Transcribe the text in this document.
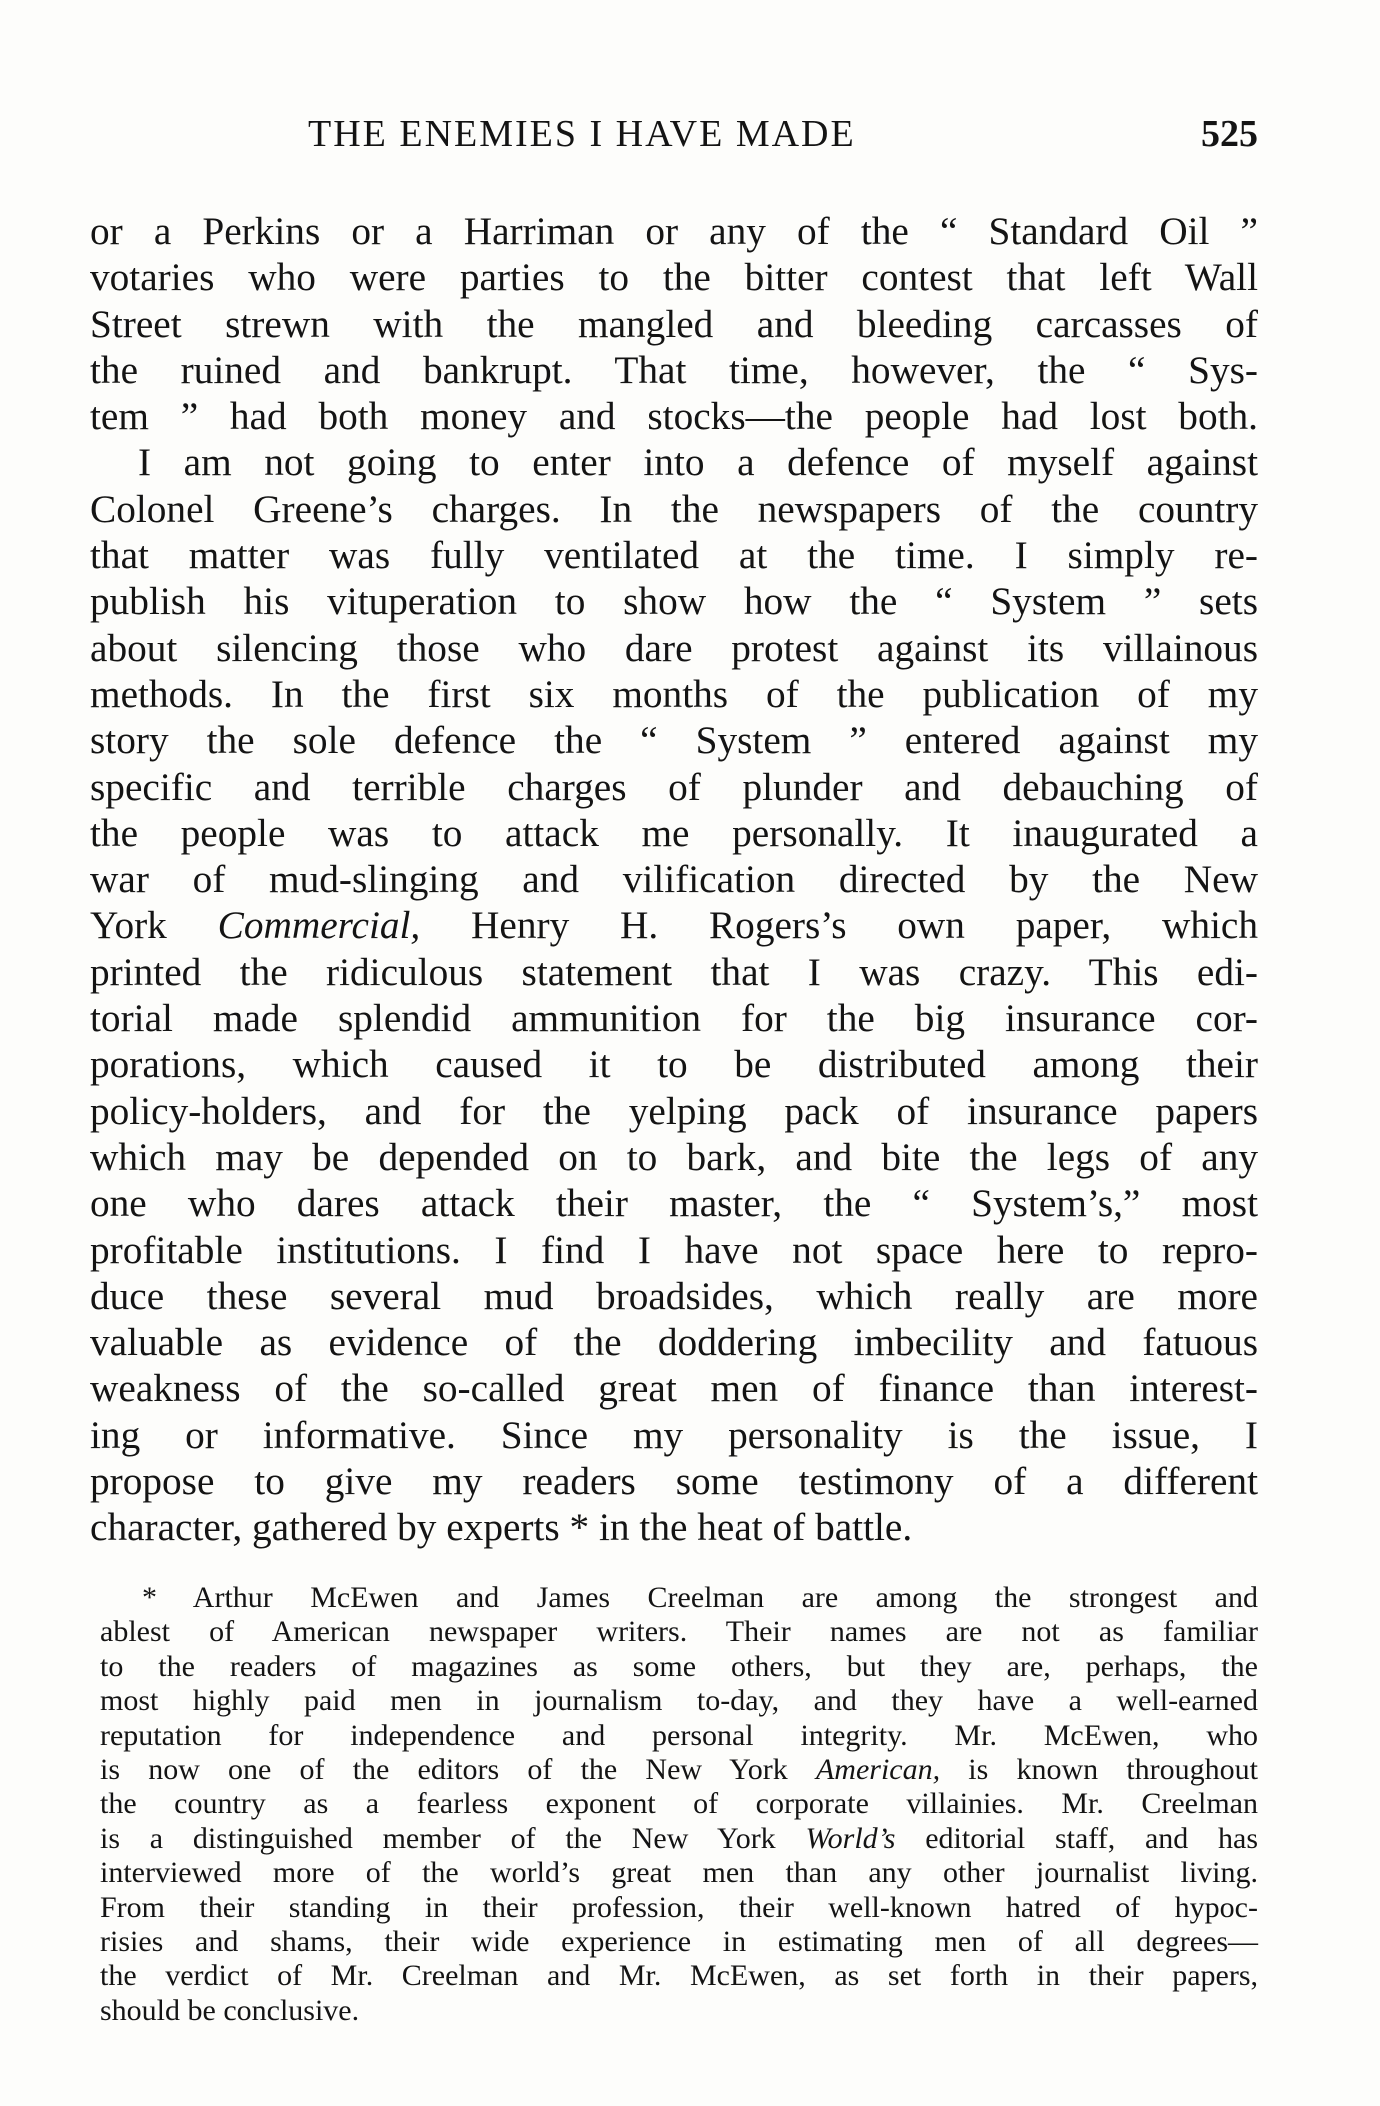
THE ENEMIES I HAVE MADE	525
or a Perkins or a Harriman or any of the “ Standard Oil ”
votaries who were parties to the bitter contest that left Wall
Street strewn with the mangled and bleeding carcasses of
the ruined and bankrupt. That time, however, the “ Sys-
tem ” had both money and stocks—the people had lost both.
I am not going to enter into a defence of myself against
Colonel Greene’s charges. In the newspapers of the country
that matter was fully ventilated at the time. I simply re-
publish his vituperation to show how the “ System ” sets
about silencing those who dare protest against its villainous
methods. In the first six months of the publication of my
story the sole defence the “ System ” entered against my
specific and terrible charges of plunder and debauching of
the people was to attack me personally. It inaugurated a
war of mud-slinging and vilification directed by the New
York Commercial, Henry H. Rogers’s own paper, which
printed the ridiculous statement that I was crazy. This edi-
torial made splendid ammunition for the big insurance cor-
porations, which caused it to be distributed among their
policy-holders, and for the yelping pack of insurance papers
which may be depended on to bark, and bite the legs of any
one who dares attack their master, the “ System’s,” most
profitable institutions. I find I have not space here to repro-
duce these several mud broadsides, which really are more
valuable as evidence of the doddering imbecility and fatuous
weakness of the so-called great men of finance than interest-
ing or informative. Since my personality is the issue, I
propose to give my readers some testimony of a different
character, gathered by experts * in the heat of battle.
* Arthur McEwen and James Creelman are among the strongest and
ablest of American newspaper writers. Their names are not as familiar
to the readers of magazines as some others, but they are, perhaps, the
most highly paid men in journalism to-day, and they have a well-earned
reputation for independence and personal integrity. Mr. McEwen, who
is now one of the editors of the New York American, is known throughout
the country as a fearless exponent of corporate villainies. Mr. Creelman
is a distinguished member of the New York World’s editorial staff, and has
interviewed more of the world’s great men than any other journalist living.
From their standing in their profession, their well-known hatred of hypoc-
risies and shams, their wide experience in estimating men of all degrees—
the verdict of Mr. Creelman and Mr. McEwen, as set forth in their papers,
should be conclusive.
